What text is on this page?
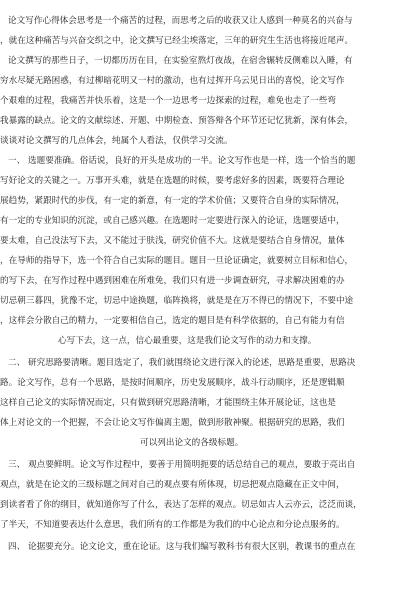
论文写作心得体会思考是一个痛苦的过程，而思考之后的收获又让人感到一种莫名的兴奋与
，就在这种痛苦与兴奋交织之中，论文撰写已经尘埃落定，三年的研究生生活也将接近尾声。
论文撰写的那些日子，一切都历历在目，在实验室熬灯夜战，在宿舍辗转反侧难以入睡，有
穷水尽疑无路困惑，有过柳暗花明又一村的激动，也有过挥开乌云见日出的喜悦，论文写作
个艰难的过程，我痛苦并快乐着，这是一个一边思考一边探索的过程，难免也走了一些弯
我暴露的缺点。论文的文献综述、开题、中期检查、预答辩各个环节还记忆犹新，深有体会，
谈谈对论文撰写的几点体会，纯属个人看法，仅供学习交流。
一、 选题要准确。俗话说，良好的开头是成功的一半。论文写作也是一样，选一个恰当的题
写好论文的关键之一。万事开头难，就是在选题的时候，要考虑好多的因素，既要符合理论
展趋势，紧跟时代的步伐，有一定的新意，有一定的学术价值；又要符合自身的实际情况，
有一定的专业知识的沉淀，或自己感兴趣。在选题时一定要进行深入的论证，选题要适中，
要太难，自己没法写下去，又不能过于肤浅，研究价值不大。这就是要结合自身情况，量体
，在导师的指导下，选一个符合自己实际的题目。题目一旦论证确定，就要树立目标和信心，
的写下去，在写作过程中遇到困难在所难免，我们只有进一步调查研究，寻求解决困难的办
切忌朝三暮四，犹豫不定，切忌中途换题，临阵换将，就是是在万不得已的情况下，不要中途
，这样会分散自己的精力，一定要相信自己，选定的题目是有科学依据的，自己有能力有信
心写下去，这一点，信心最重要，这是我们论文写作的动力和支撑。
二、 研究思路要清晰。题目选定了，我们就围绕论文进行深入的论述，思路是重要，思路决
路。论文写作，总有一个思路，是按时间顺序，历史发展顺序，战斗行动顺序，还是逻辑顺
这样自己论文的实际情况而定，只有做到研究思路清晰，才能围绕主体开展论证，这也是
体上对论文的一个把握，不会让论文写作偏离主题，做到形散神聚。根据研究的思路，我们
可以列出论文的各级标题。
三、 观点要鲜明。论文写作过程中，要善于用简明扼要的话总结自己的观点，要敢于亮出自
观点，就是在论文的三级标题之间对自己的观点要有所体现，切忌把观点隐藏在正文中间，
到读者看了你的纲目，就知道你写了什么，表达了怎样的观点。切忌如古人云亦云，泛泛而谈，
了半天，不知道要表达什么意思，我们所有的工作都是为我们的中心论点和分论点服务的。
四、 论据要充分。论文论文，重在论证。这与我们编写教科书有很大区别，教课书的重点在
